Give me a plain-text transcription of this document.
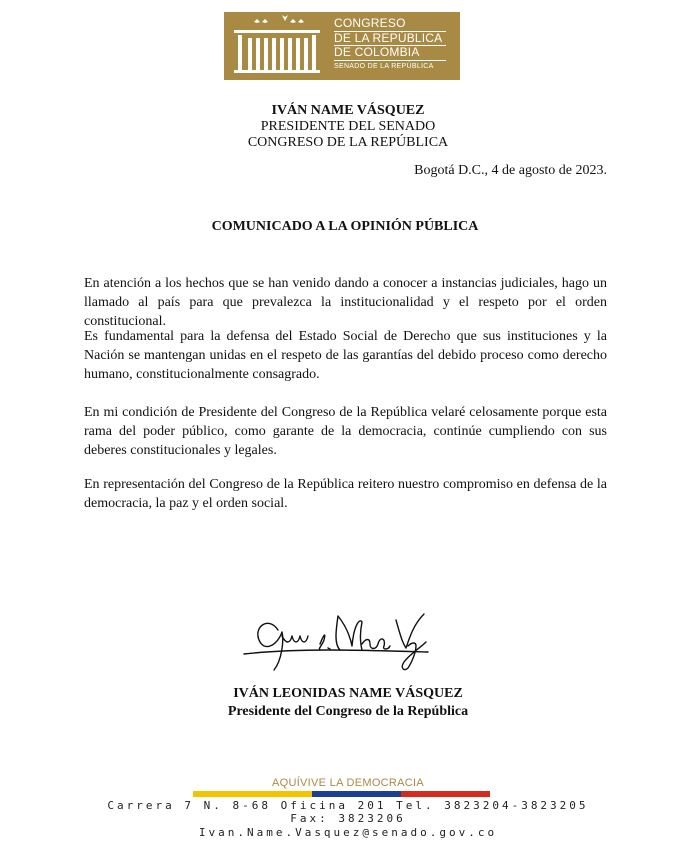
CONGRESO
DE LA REPÚBLICA
DE COLOMBIA
SENADO DE LA REPÚBLICA
IVÁN NAME VÁSQUEZ
PRESIDENTE DEL SENADO
CONGRESO DE LA REPÚBLICA
Bogotá D.C., 4 de agosto de 2023.
COMUNICADO A LA OPINIÓN PÚBLICA
En atención a los hechos que se han venido dando a conocer a instancias judiciales, hago un llamado al país para que prevalezca la institucionalidad y el respeto por el orden constitucional.
Es fundamental para la defensa del Estado Social de Derecho que sus instituciones y la Nación se mantengan unidas en el respeto de las garantías del debido proceso como derecho humano, constitucionalmente consagrado.
En mi condición de Presidente del Congreso de la República velaré celosamente porque esta rama del poder público, como garante de la democracia, continúe cumpliendo con sus deberes constitucionales y legales.
En representación del Congreso de la República reitero nuestro compromiso en defensa de la democracia, la paz y el orden social.
IVÁN LEONIDAS NAME VÁSQUEZ
Presidente del Congreso de la República
AQUÍVIVE LA DEMOCRACIA
Carrera 7 N. 8-68 Oficina 201 Tel. 3823204-3823205
Fax: 3823206
Ivan.Name.Vasquez@senado.gov.co
